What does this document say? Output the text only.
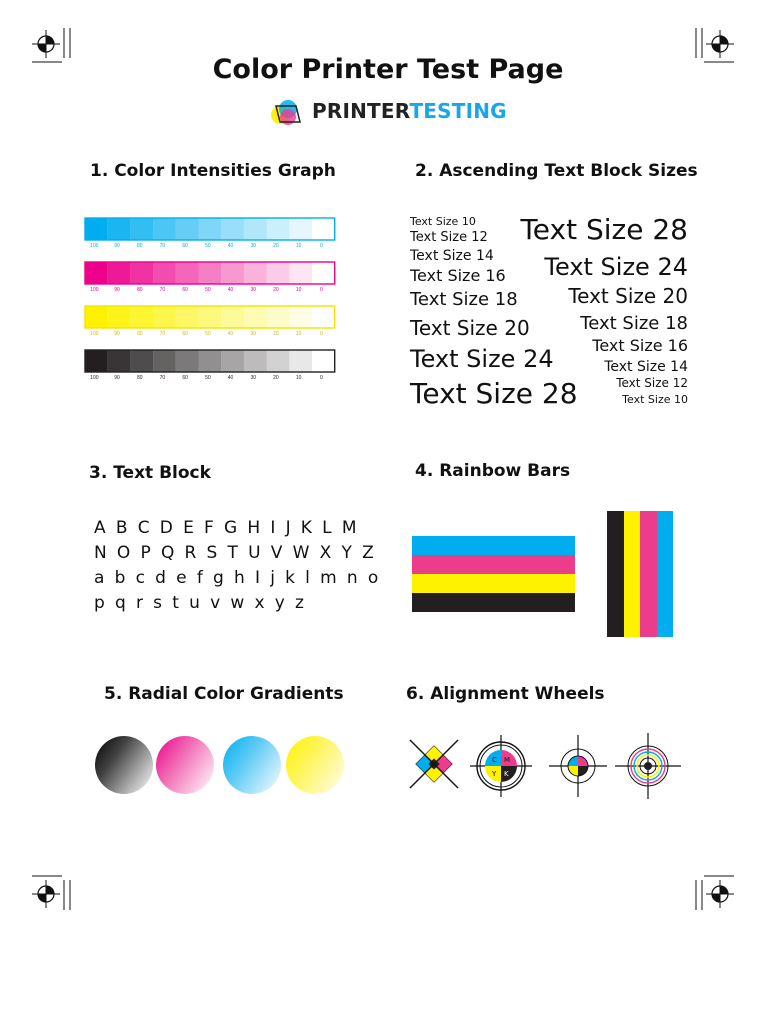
Color Printer Test Page
PRINTERTESTING
1. Color Intensities Graph	2. Ascending Text Block Sizes
3. Text Block	4. Rainbow Bars
5. Radial Color Gradients	6. Alignment Wheels
100	90	80	70	60	50	40	30	20	10	0
100	90	80	70	60	50	40	30	20	10	0
100	90	80	70	60	50	40	30	20	10	0
100	90	80	70	60	50	40	30	20	10	0
Text Size 10
Text Size 12
Text Size 14
Text Size 16
Text Size 18
Text Size 20
Text Size 24
Text Size 28
Text Size 28
Text Size 24
Text Size 20
Text Size 18
Text Size 16
Text Size 14
Text Size 12
Text Size 10
A B C D E F G H I J K L M
N O P Q R S T U V W X Y Z
a b c d e f g h I j k l m n o
p q r s t u v w x y z
C M
Y K
